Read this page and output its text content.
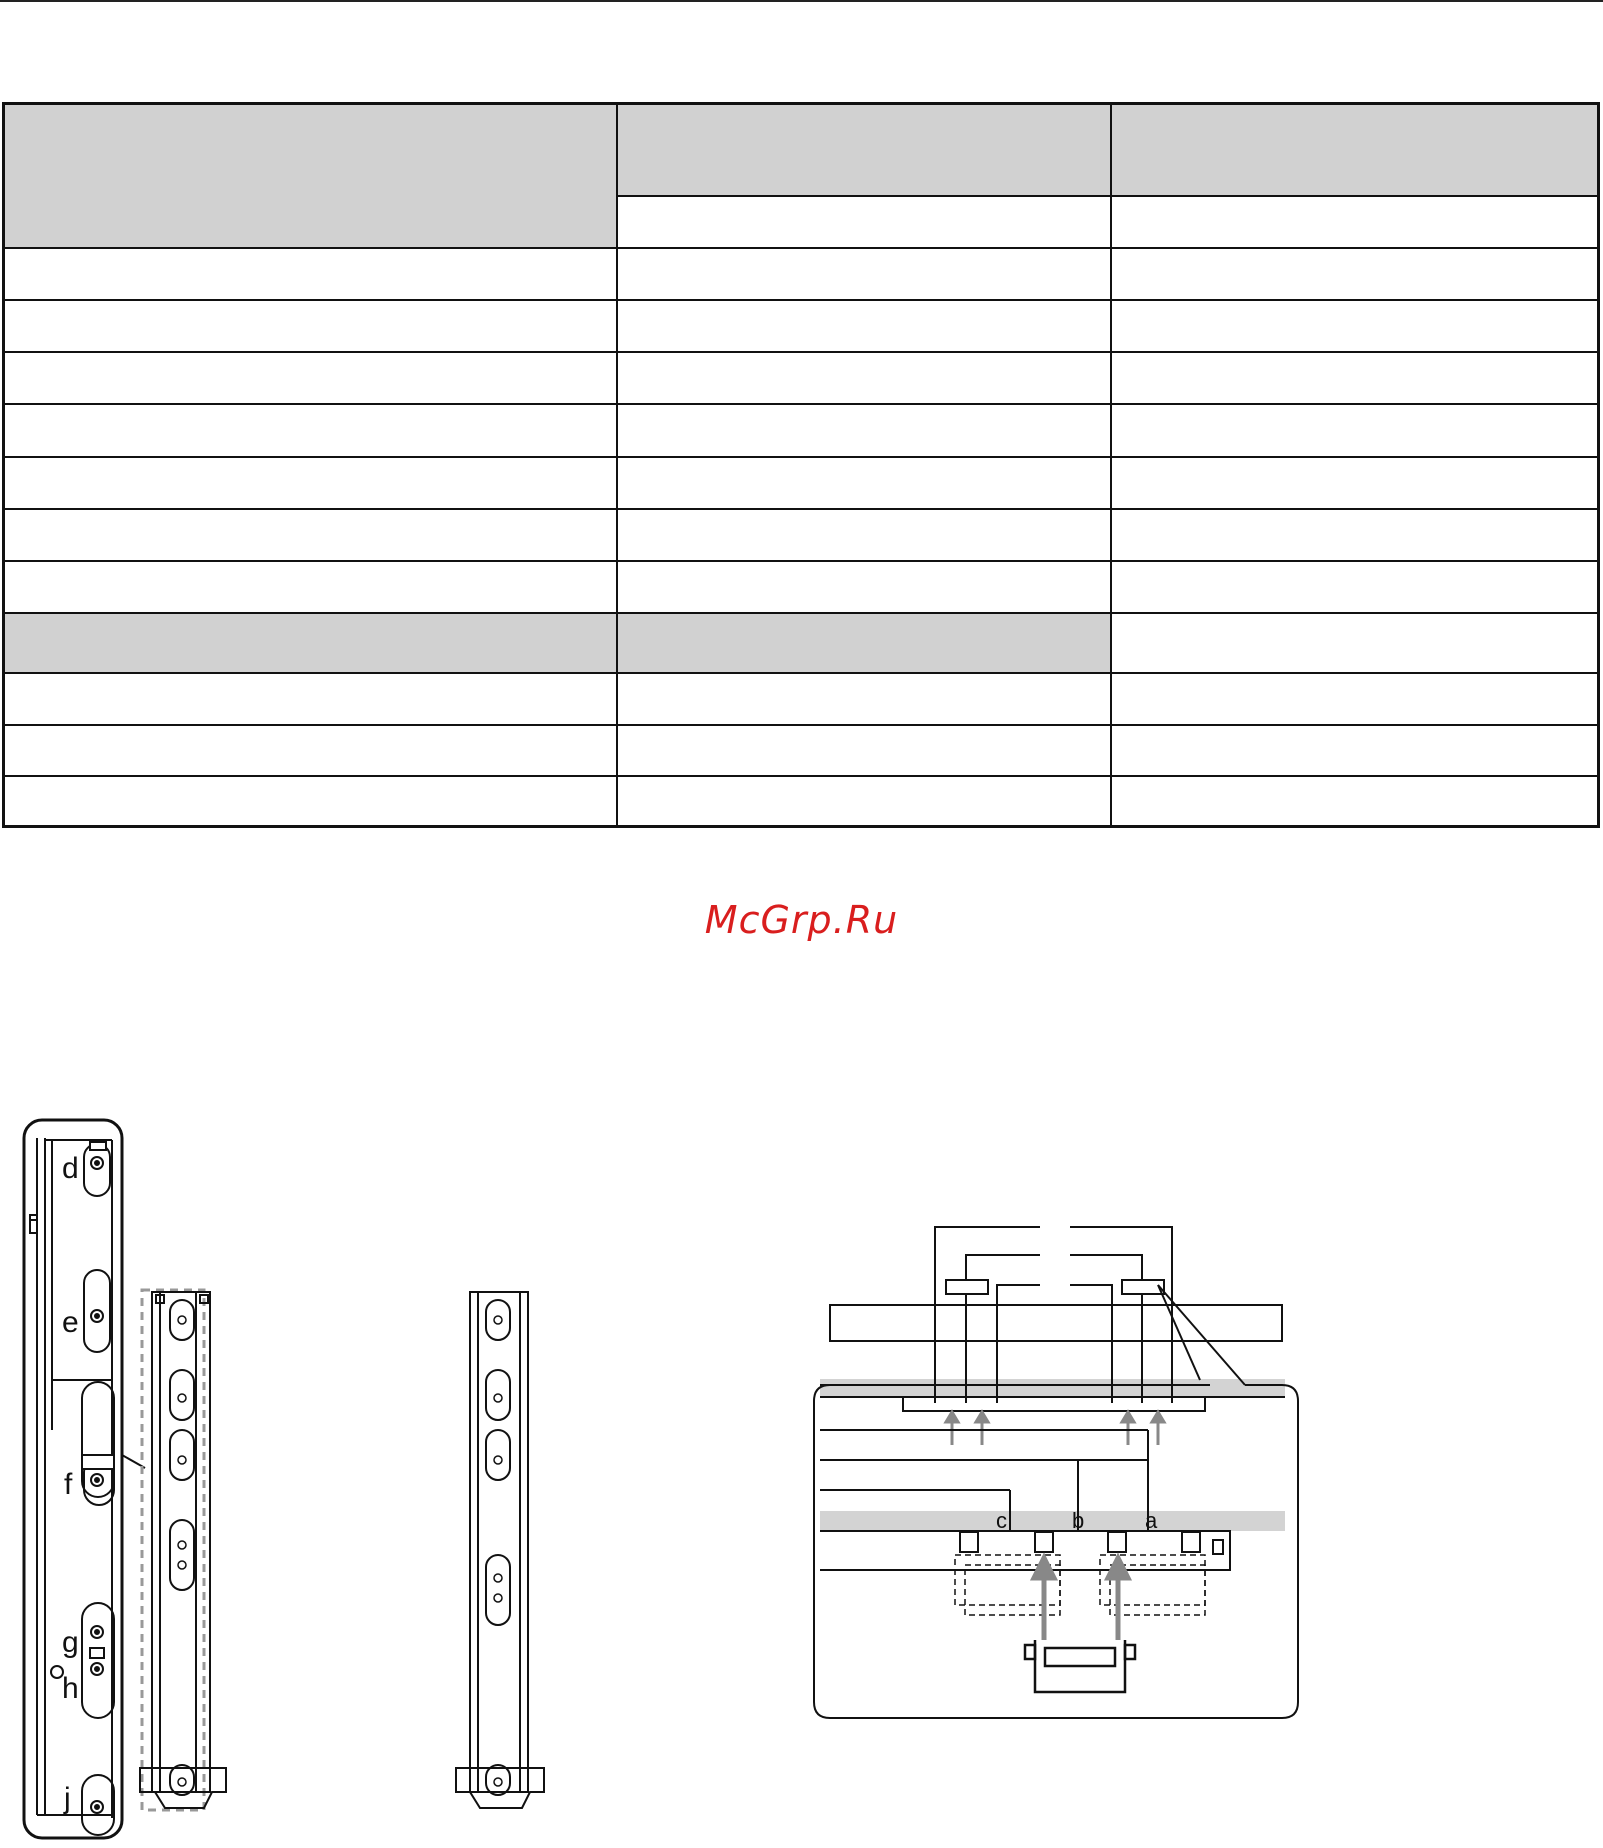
McGrp.Ru
d
e
f
g
h
j
c	b	a
